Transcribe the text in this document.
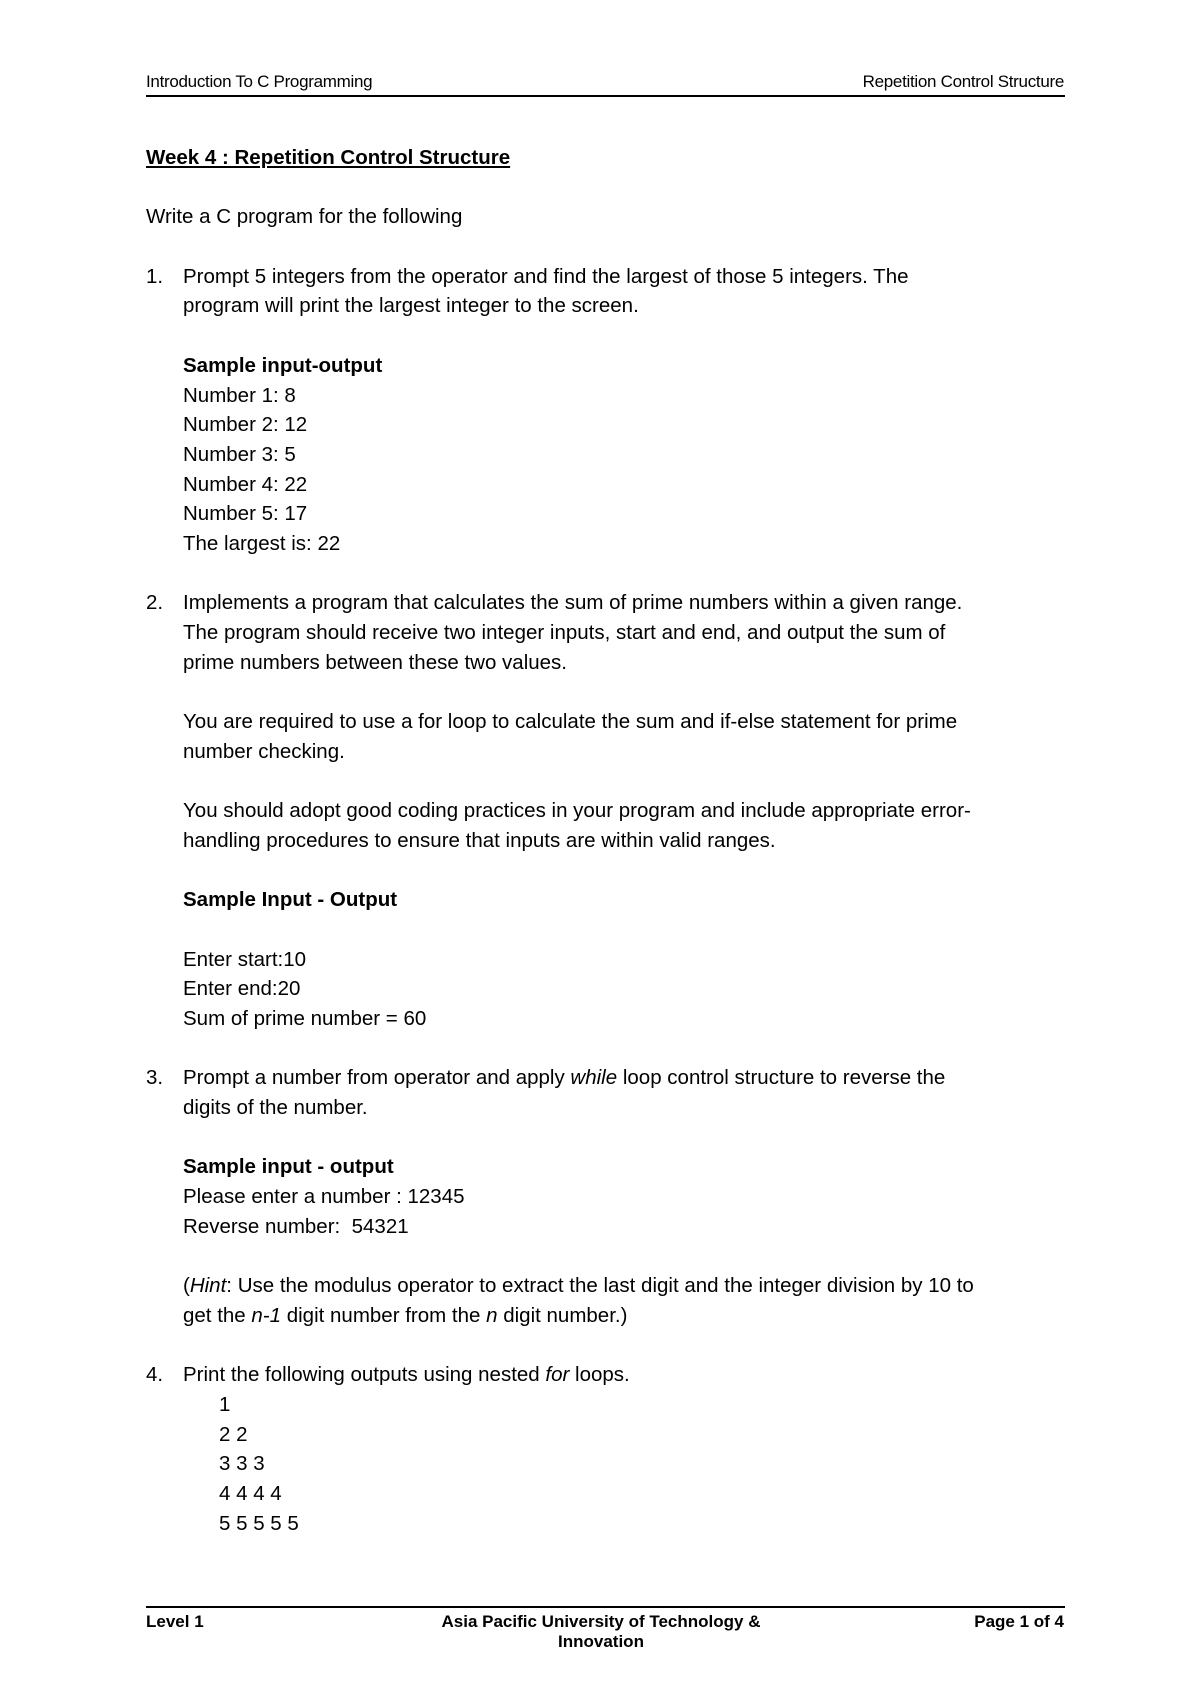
Introduction To C Programming	Repetition Control Structure
Week 4 : Repetition Control Structure
Write a C program for the following
1. Prompt 5 integers from the operator and find the largest of those 5 integers. The
program will print the largest integer to the screen.
Sample input-output
Number 1: 8
Number 2: 12
Number 3: 5
Number 4: 22
Number 5: 17
The largest is: 22
2. Implements a program that calculates the sum of prime numbers within a given range.
The program should receive two integer inputs, start and end, and output the sum of
prime numbers between these two values.
You are required to use a for loop to calculate the sum and if-else statement for prime
number checking.
You should adopt good coding practices in your program and include appropriate error-
handling procedures to ensure that inputs are within valid ranges.
Sample Input - Output
Enter start:10
Enter end:20
Sum of prime number = 60
3. Prompt a number from operator and apply while loop control structure to reverse the
digits of the number.
Sample input - output
Please enter a number : 12345
Reverse number:  54321
(Hint: Use the modulus operator to extract the last digit and the integer division by 10 to
get the n-1 digit number from the n digit number.)
4. Print the following outputs using nested for loops.
1
2 2
3 3 3
4 4 4 4
5 5 5 5 5
Level 1	Asia Pacific University of Technology & Innovation
Page 1 of 4
